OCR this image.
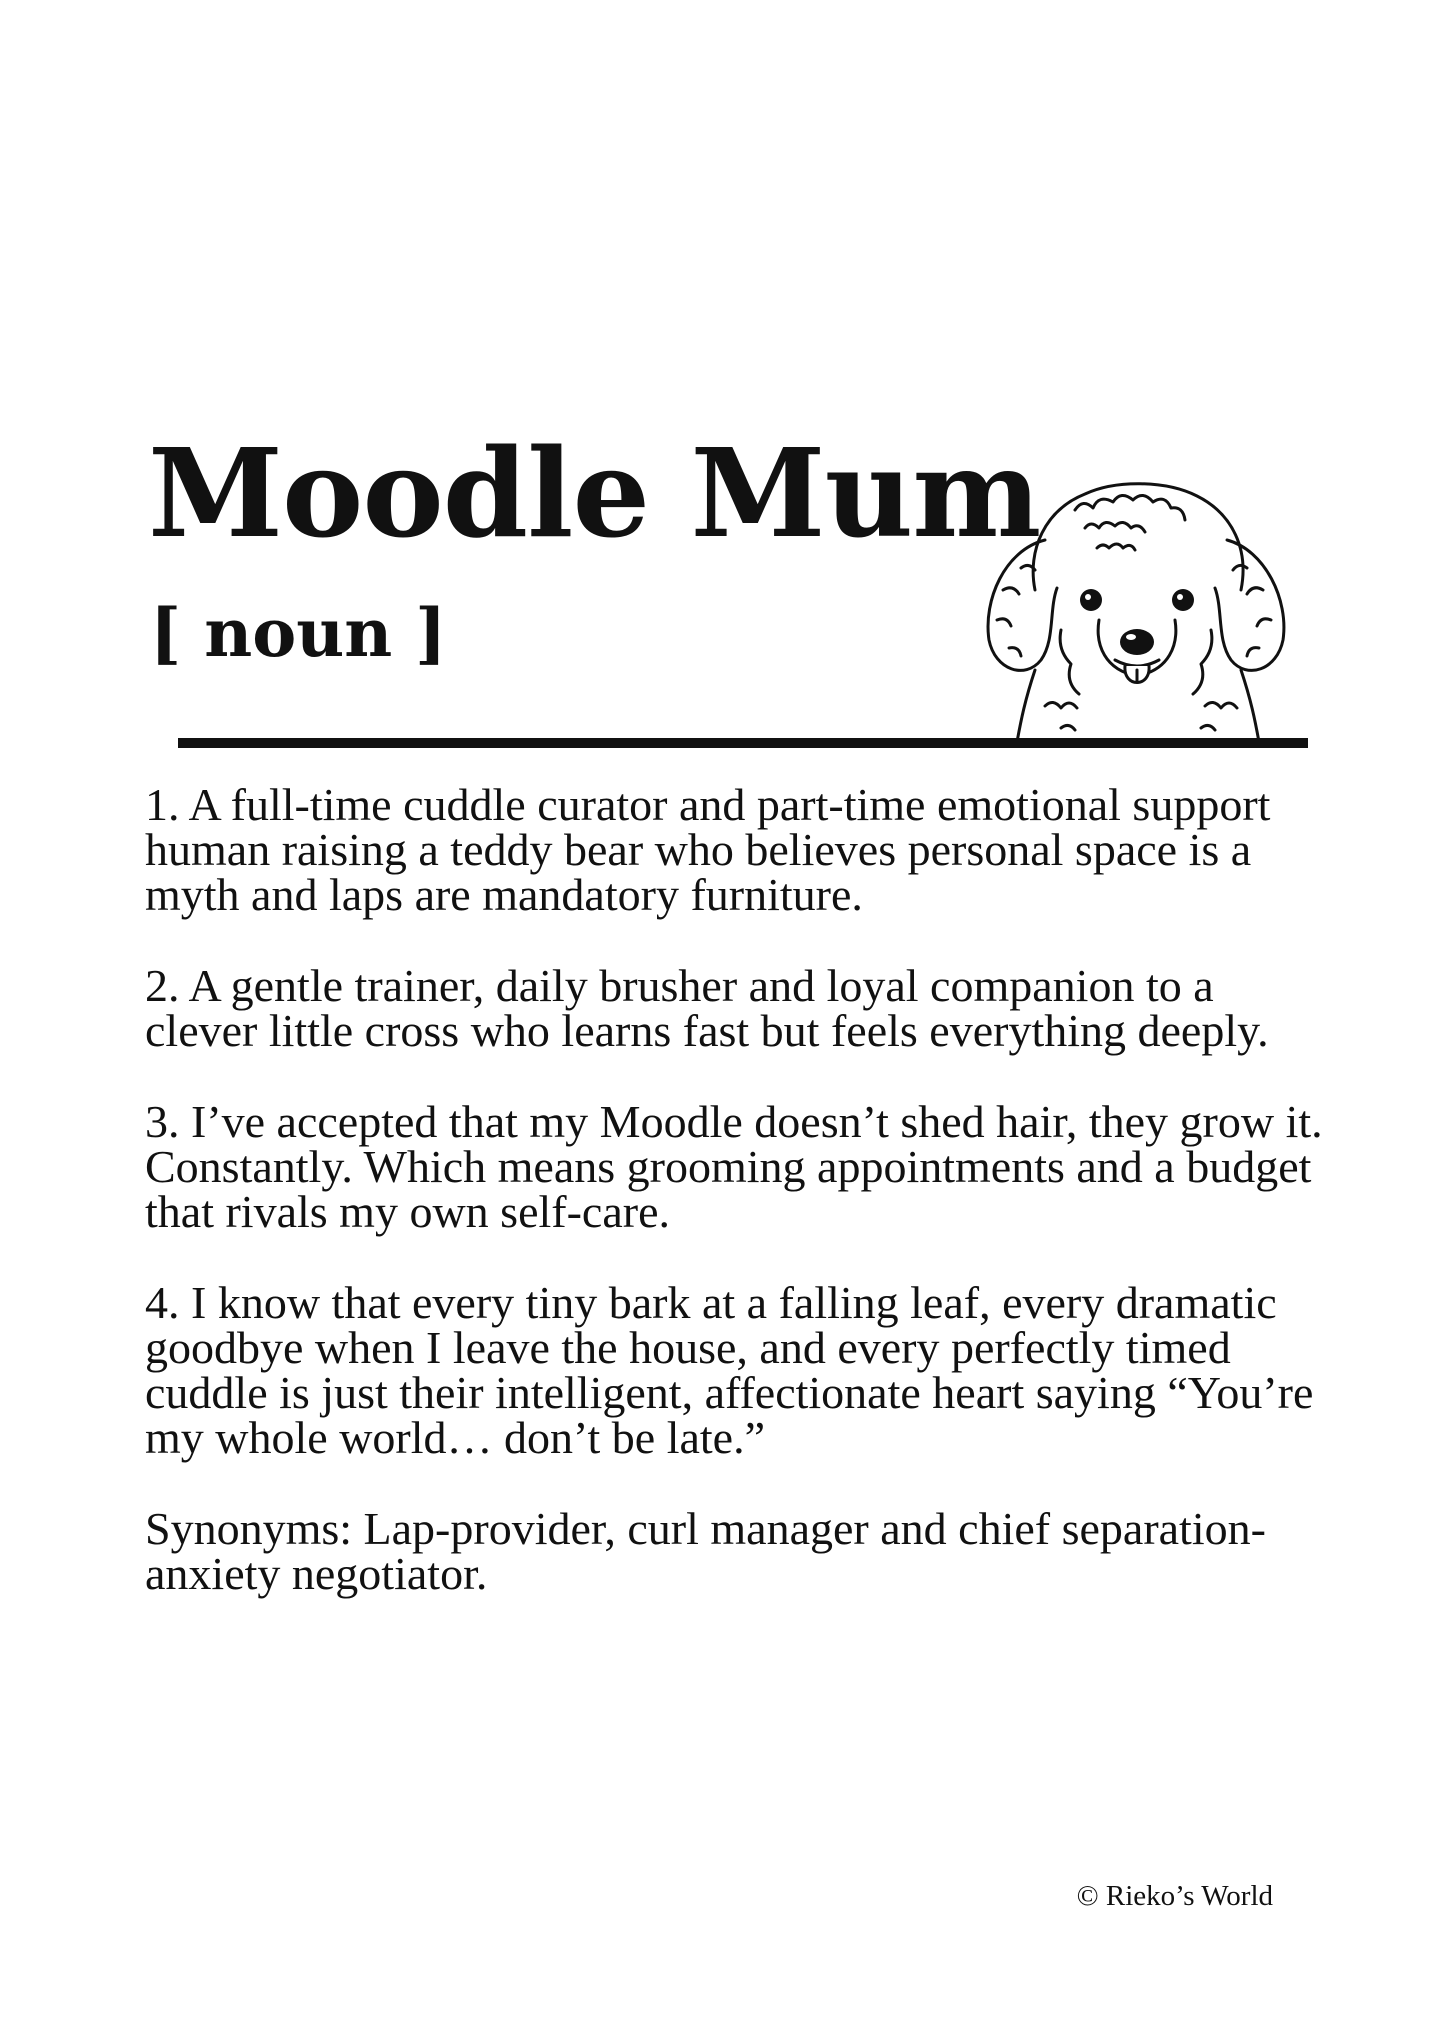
Moodle Mum
[ noun ]

1. A full-time cuddle curator and part-time emotional support human raising a teddy bear who believes personal space is a myth and laps are mandatory furniture.

2. A gentle trainer, daily brusher and loyal companion to a clever little cross who learns fast but feels everything deeply.

3. I’ve accepted that my Moodle doesn’t shed hair, they grow it. Constantly. Which means grooming appointments and a budget that rivals my own self-care.

4. I know that every tiny bark at a falling leaf, every dramatic goodbye when I leave the house, and every perfectly timed cuddle is just their intelligent, affectionate heart saying “You’re my whole world… don’t be late.”

Synonyms: Lap-provider, curl manager and chief separation-anxiety negotiator.

© Rieko’s World
